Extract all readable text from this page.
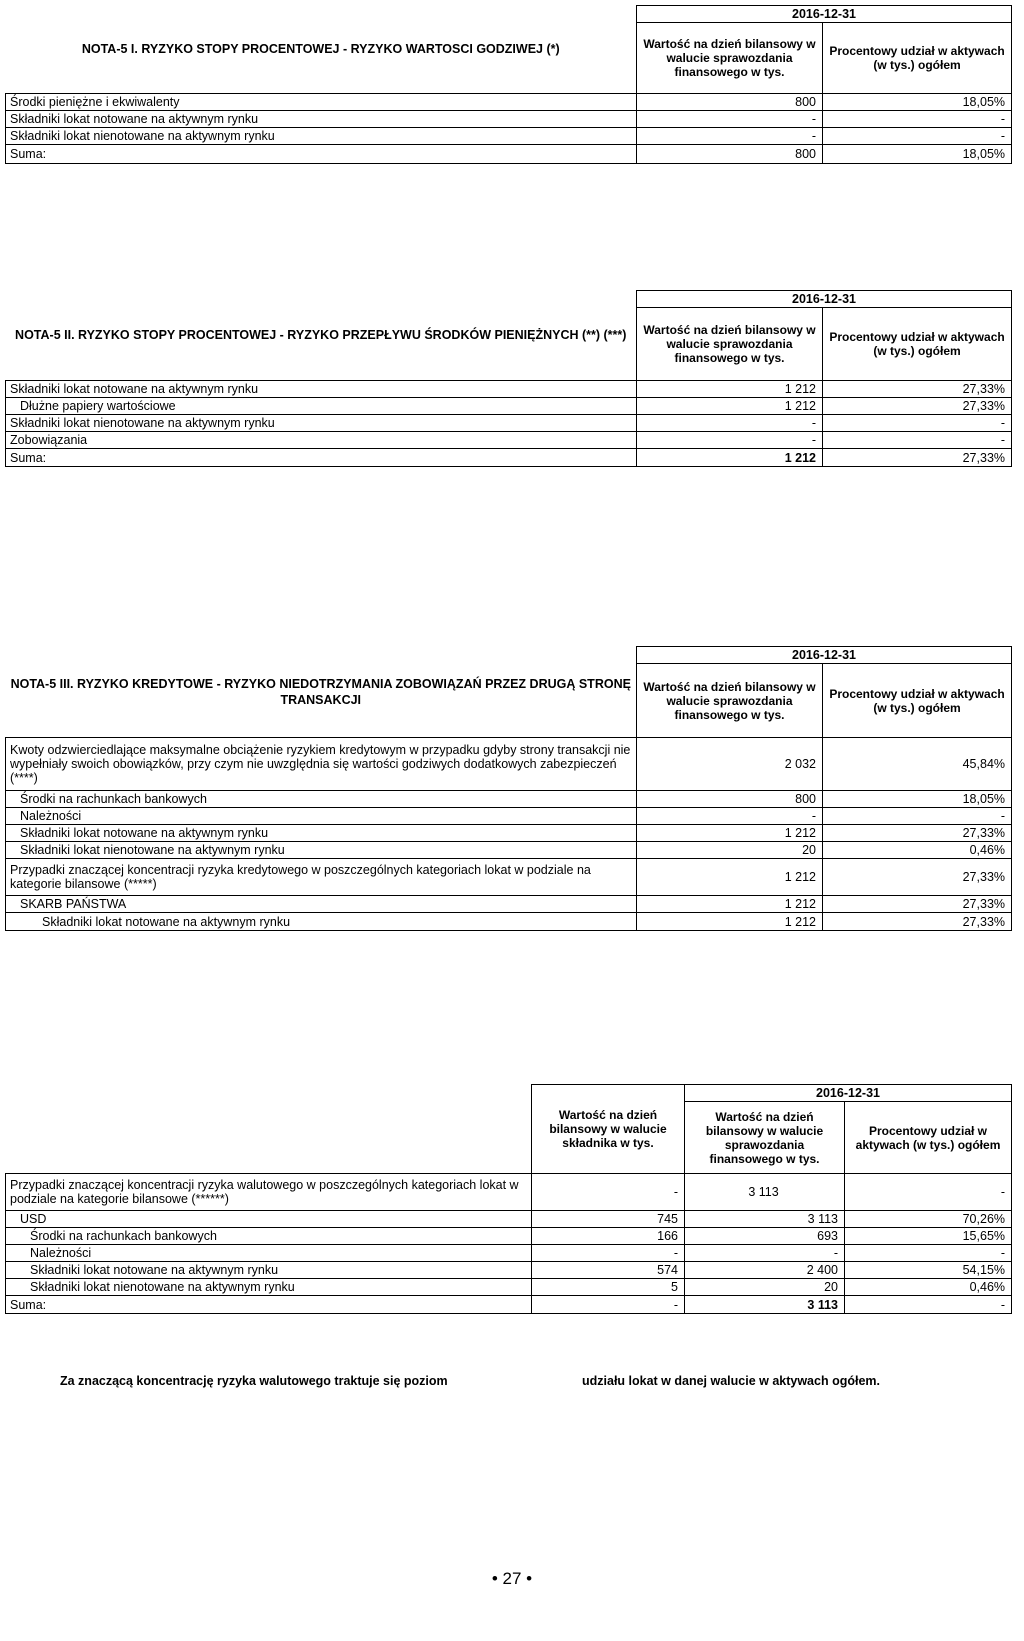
NOTA-5 I. RYZYKO STOPY PROCENTOWEJ - RYZYKO WARTOSCI GODZIWEJ (*)	2016-12-31	
	Wartość na dzień bilansowy w walucie sprawozdania finansowego w tys.	Procentowy udział w aktywach (w tys.) ogółem
Środki pieniężne i ekwiwalenty	800	18,05%
Składniki lokat notowane na aktywnym rynku	-	-
Składniki lokat nienotowane na aktywnym rynku	-	-
Suma:	800	18,05%
NOTA-5 II. RYZYKO STOPY PROCENTOWEJ - RYZYKO PRZEPŁYWU ŚRODKÓW PIENIĘŻNYCH (**) (***)	2016-12-31	
	Wartość na dzień bilansowy w walucie sprawozdania finansowego w tys.	Procentowy udział w aktywach (w tys.) ogółem
Składniki lokat notowane na aktywnym rynku	1 212	27,33%
Dłużne papiery wartościowe	1 212	27,33%
Składniki lokat nienotowane na aktywnym rynku	-	-
Zobowiązania	-	-
Suma:	1 212	27,33%
NOTA-5 III. RYZYKO KREDYTOWE - RYZYKO NIEDOTRZYMANIA ZOBOWIĄZAŃ PRZEZ DRUGĄ STRONĘ TRANSAKCJI	2016-12-31	
	Wartość na dzień bilansowy w walucie sprawozdania finansowego w tys.	Procentowy udział w aktywach (w tys.) ogółem
Kwoty odzwierciedlające maksymalne obciążenie ryzykiem kredytowym w przypadku gdyby strony transakcji nie wypełniały swoich obowiązków, przy czym nie uwzględnia się wartości godziwych dodatkowych zabezpieczeń (****)	2 032	45,84%
Środki na rachunkach bankowych	800	18,05%
Należności	-	-
Składniki lokat notowane na aktywnym rynku	1 212	27,33%
Składniki lokat nienotowane na aktywnym rynku	20	0,46%
Przypadki znaczącej koncentracji ryzyka kredytowego w poszczególnych kategoriach lokat w podziale na kategorie bilansowe (*****)	1 212	27,33%
SKARB PAŃSTWA	1 212	27,33%
Składniki lokat notowane na aktywnym rynku	1 212	27,33%
	Wartość na dzień bilansowy w walucie składnika w tys.	2016-12-31	
		Wartość na dzień bilansowy w walucie sprawozdania finansowego w tys.	Procentowy udział w aktywach (w tys.) ogółem
Przypadki znaczącej koncentracji ryzyka walutowego w poszczególnych kategoriach lokat w podziale na kategorie bilansowe (******)	-	3 113	-
USD	745	3 113	70,26%
Środki na rachunkach bankowych	166	693	15,65%
Należności	-	-	-
Składniki lokat notowane na aktywnym rynku	574	2 400	54,15%
Składniki lokat nienotowane na aktywnym rynku	5	20	0,46%
Suma:	-	3 113	-
Za znaczącą koncentrację ryzyka walutowego traktuje się poziom	udziału lokat w danej walucie w aktywach ogółem.
• 27 •
